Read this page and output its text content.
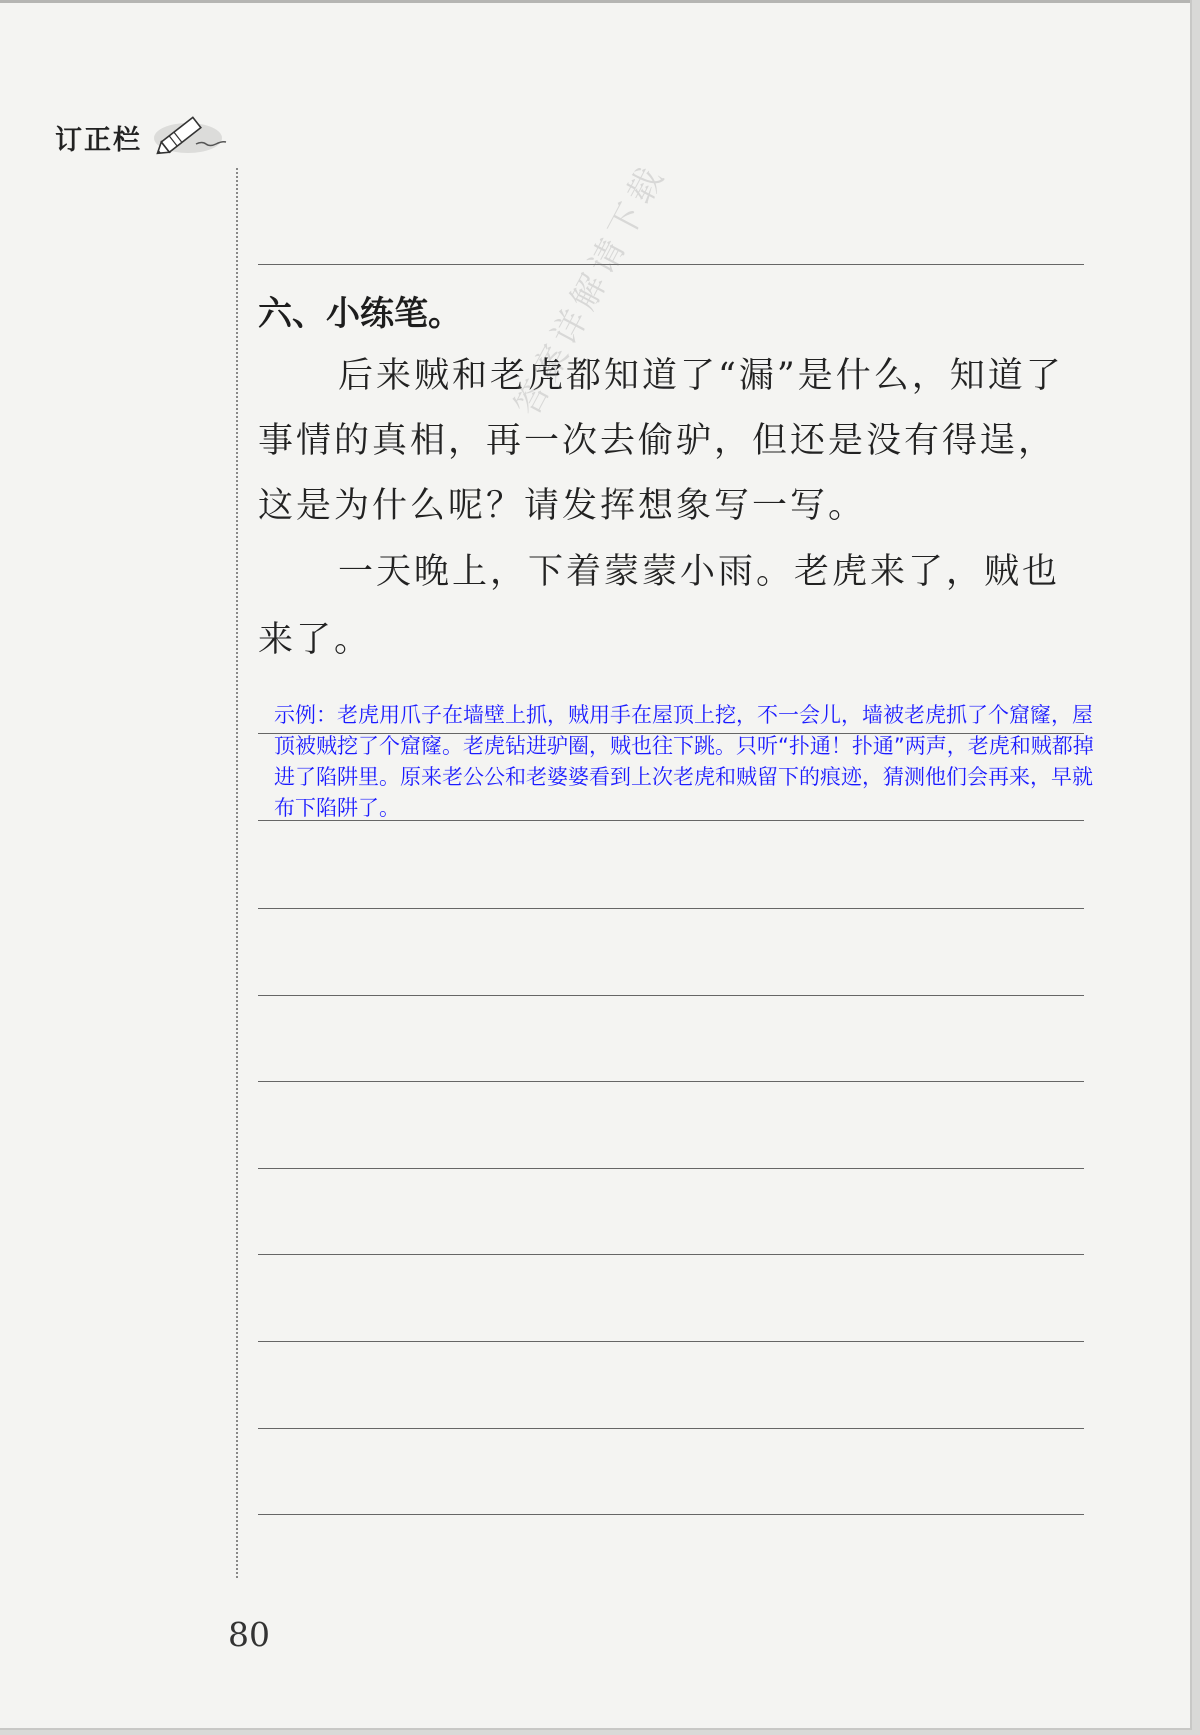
订正栏
六、小练笔。

后来贼和老虎都知道了“漏”是什么，知道了事情的真相，再一次去偷驴，但还是没有得逞，这是为什么呢？请发挥想象写一写。

一天晚上，下着蒙蒙小雨。老虎来了，贼也来了。

答案详解请下载

示例：老虎用爪子在墙壁上抓，贼用手在屋顶上挖，不一会儿，墙被老虎抓了个窟窿，屋顶被贼挖了个窟窿。老虎钻进驴圈，贼也往下跳。只听“扑通！扑通”两声，老虎和贼都掉进了陷阱里。原来老公公和老婆婆看到上次老虎和贼留下的痕迹，猜测他们会再来，早就布下陷阱了。

80
